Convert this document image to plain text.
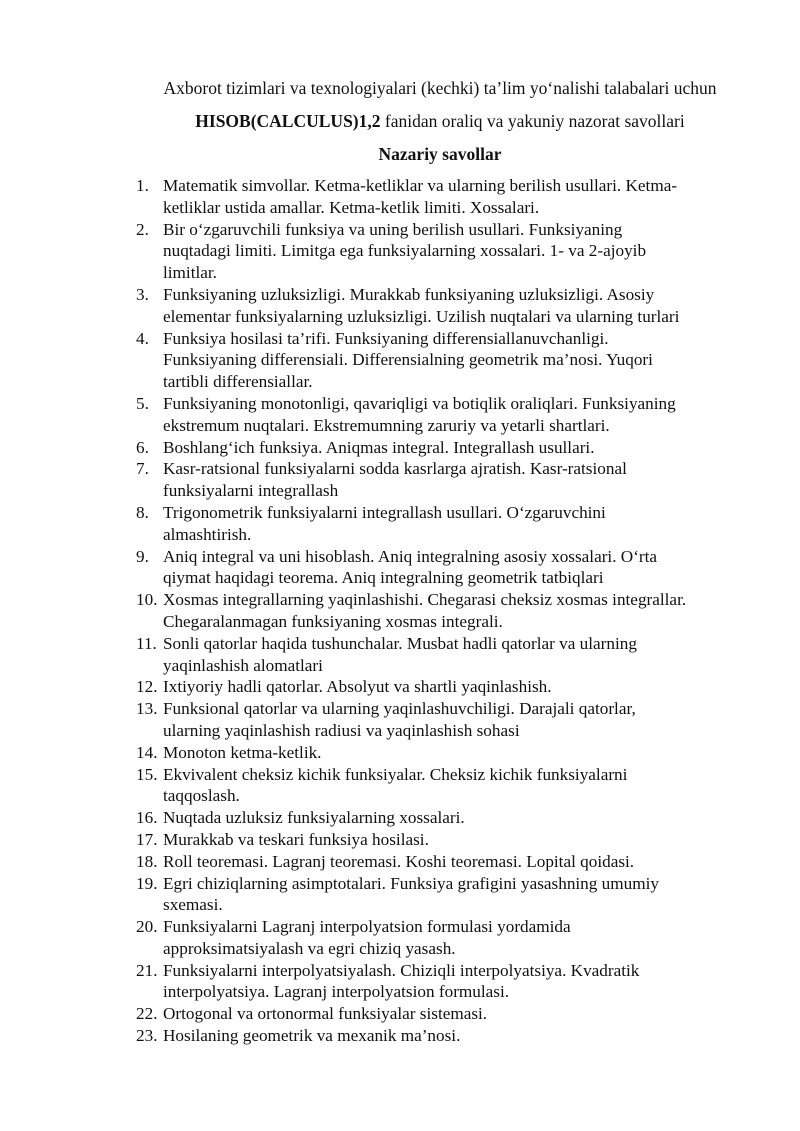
Axborot tizimlari va texnologiyalari (kechki) ta’lim yo‘nalishi talabalari uchun
HISOB(CALCULUS)1,2 fanidan oraliq va yakuniy nazorat savollari
Nazariy savollar
1. Matematik simvollar. Ketma-ketliklar va ularning berilish usullari. Ketma-
ketliklar ustida amallar. Ketma-ketlik limiti. Xossalari.
2. Bir o‘zgaruvchili funksiya va uning berilish usullari. Funksiyaning
nuqtadagi limiti. Limitga ega funksiyalarning xossalari. 1- va 2-ajoyib
limitlar.
3. Funksiyaning uzluksizligi. Murakkab funksiyaning uzluksizligi. Asosiy
elementar funksiyalarning uzluksizligi. Uzilish nuqtalari va ularning turlari
4. Funksiya hosilasi ta’rifi. Funksiyaning differensiallanuvchanligi.
Funksiyaning differensiali. Differensialning geometrik ma’nosi. Yuqori
tartibli differensiallar.
5. Funksiyaning monotonligi, qavariqligi va botiqlik oraliqlari. Funksiyaning
ekstremum nuqtalari. Ekstremumning zaruriy va yetarli shartlari.
6. Boshlang‘ich funksiya. Aniqmas integral. Integrallash usullari.
7. Kasr-ratsional funksiyalarni sodda kasrlarga ajratish. Kasr-ratsional
funksiyalarni integrallash
8. Trigonometrik funksiyalarni integrallash usullari. O‘zgaruvchini
almashtirish.
9. Aniq integral va uni hisoblash. Aniq integralning asosiy xossalari. O‘rta
qiymat haqidagi teorema. Aniq integralning geometrik tatbiqlari
10. Xosmas integrallarning yaqinlashishi. Chegarasi cheksiz xosmas integrallar.
Chegaralanmagan funksiyaning xosmas integrali.
11. Sonli qatorlar haqida tushunchalar. Musbat hadli qatorlar va ularning
yaqinlashish alomatlari
12. Ixtiyoriy hadli qatorlar. Absolyut va shartli yaqinlashish.
13. Funksional qatorlar va ularning yaqinlashuvchiligi. Darajali qatorlar,
ularning yaqinlashish radiusi va yaqinlashish sohasi
14. Monoton ketma-ketlik.
15. Ekvivalent cheksiz kichik funksiyalar. Cheksiz kichik funksiyalarni
taqqoslash.
16. Nuqtada uzluksiz funksiyalarning xossalari.
17. Murakkab va teskari funksiya hosilasi.
18. Roll teoremasi. Lagranj teoremasi. Koshi teoremasi. Lopital qoidasi.
19. Egri chiziqlarning asimptotalari. Funksiya grafigini yasashning umumiy
sxemasi.
20. Funksiyalarni Lagranj interpolyatsion formulasi yordamida
approksimatsiyalash va egri chiziq yasash.
21. Funksiyalarni interpolyatsiyalash. Chiziqli interpolyatsiya. Kvadratik
interpolyatsiya. Lagranj interpolyatsion formulasi.
22. Ortogonal va ortonormal funksiyalar sistemasi.
23. Hosilaning geometrik va mexanik ma’nosi.
